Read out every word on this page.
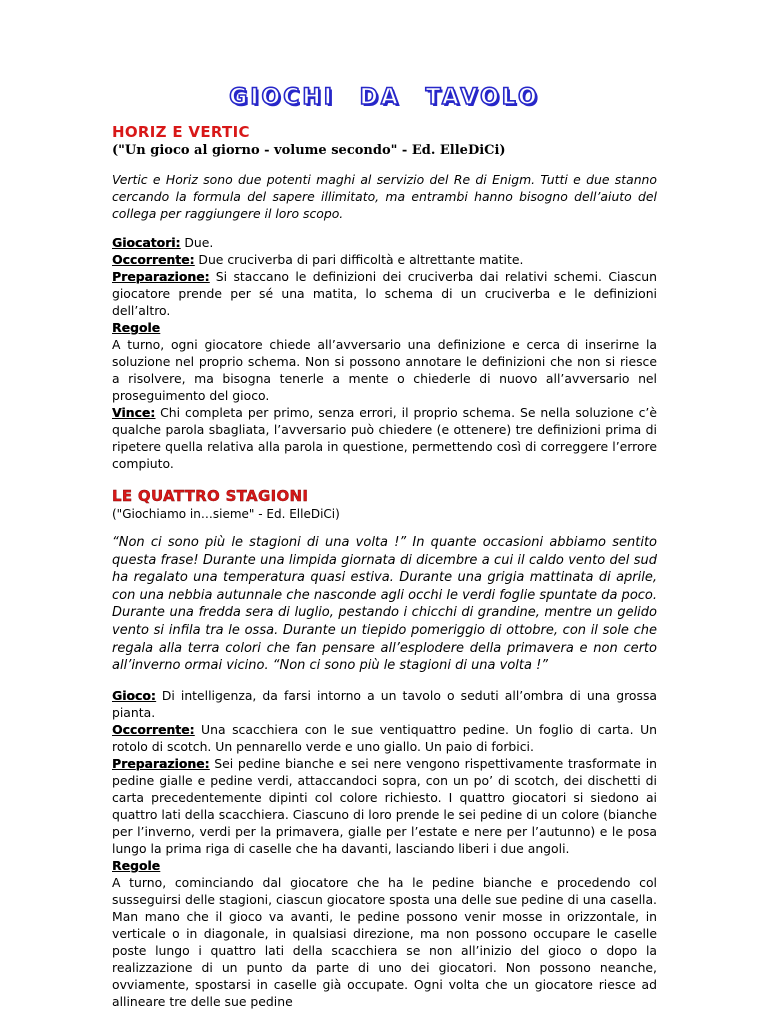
GIOCHI DA TAVOLO
HORIZ E VERTIC

("Un gioco al giorno - volume secondo" - Ed. ElleDiCi)

Vertic e Horiz sono due potenti maghi al servizio del Re di Enigm. Tutti e due stanno cercando la formula del sapere illimitato, ma entrambi hanno bisogno dell’aiuto del collega per raggiungere il loro scopo.

Giocatori: Due.

Occorrente: Due cruciverba di pari difficoltà e altrettante matite.

Preparazione: Si staccano le definizioni dei cruciverba dai relativi schemi. Ciascun giocatore prende per sé una matita, lo schema di un cruciverba e le definizioni dell’altro.

Regole

A turno, ogni giocatore chiede all’avversario una definizione e cerca di inserirne la soluzione nel proprio schema. Non si possono annotare le definizioni che non si riesce a risolvere, ma bisogna tenerle a mente o chiederle di nuovo all’avversario nel proseguimento del gioco.

Vince: Chi completa per primo, senza errori, il proprio schema. Se nella soluzione c’è qualche parola sbagliata, l’avversario può chiedere (e ottenere) tre definizioni prima di ripetere quella relativa alla parola in questione, permettendo così di correggere l’errore compiuto.

LE QUATTRO STAGIONI

("Giochiamo in…sieme" - Ed. ElleDiCi)

“Non ci sono più le stagioni di una volta !” In quante occasioni abbiamo sentito questa frase! Durante una limpida giornata di dicembre a cui il caldo vento del sud ha regalato una temperatura quasi estiva. Durante una grigia mattinata di aprile, con una nebbia autunnale che nasconde agli occhi le verdi foglie spuntate da poco. Durante una fredda sera di luglio, pestando i chicchi di grandine, mentre un gelido vento si infila tra le ossa. Durante un tiepido pomeriggio di ottobre, con il sole che regala alla terra colori che fan pensare all’esplodere della primavera e non certo all’inverno ormai vicino. “Non ci sono più le stagioni di una volta !”

Gioco: Di intelligenza, da farsi intorno a un tavolo o seduti all’ombra di una grossa pianta.

Occorrente: Una scacchiera con le sue ventiquattro pedine. Un foglio di carta. Un rotolo di scotch. Un pennarello verde e uno giallo. Un paio di forbici.

Preparazione: Sei pedine bianche e sei nere vengono rispettivamente trasformate in pedine gialle e pedine verdi, attaccandoci sopra, con un po’ di scotch, dei dischetti di carta precedentemente dipinti col colore richiesto. I quattro giocatori si siedono ai quattro lati della scacchiera. Ciascuno di loro prende le sei pedine di un colore (bianche per l’inverno, verdi per la primavera, gialle per l’estate e nere per l’autunno) e le posa lungo la prima riga di caselle che ha davanti, lasciando liberi i due angoli.

Regole

A turno, cominciando dal giocatore che ha le pedine bianche e procedendo col susseguirsi delle stagioni, ciascun giocatore sposta una delle sue pedine di una casella. Man mano che il gioco va avanti, le pedine possono venir mosse in orizzontale, in verticale o in diagonale, in qualsiasi direzione, ma non possono occupare le caselle poste lungo i quattro lati della scacchiera se non all’inizio del gioco o dopo la realizzazione di un punto da parte di uno dei giocatori. Non possono neanche, ovviamente, spostarsi in caselle già occupate. Ogni volta che un giocatore riesce ad allineare tre delle sue pedine
